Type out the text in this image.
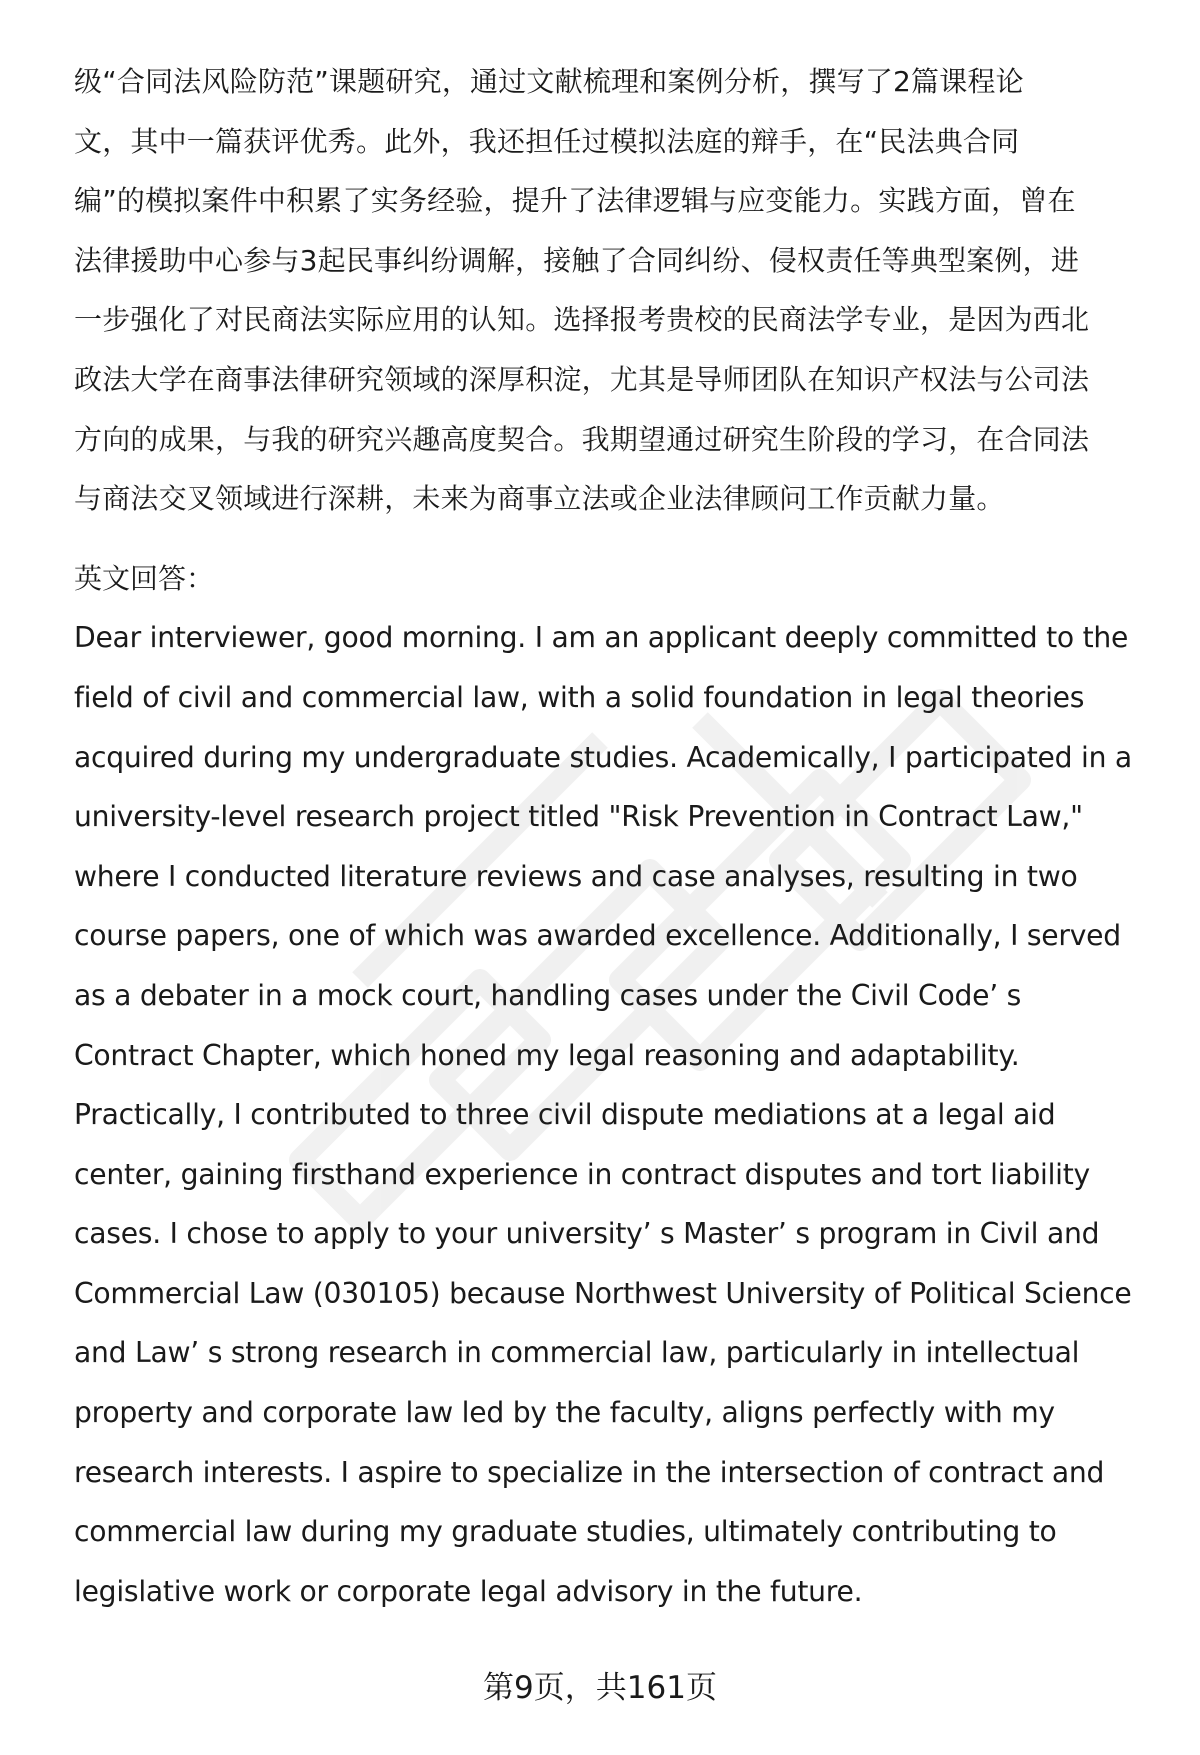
级“合同法风险防范”课题研究，通过文献梳理和案例分析，撰写了2篇课程论
文，其中一篇获评优秀。此外，我还担任过模拟法庭的辩手，在“民法典合同
编”的模拟案件中积累了实务经验，提升了法律逻辑与应变能力。实践方面，曾在
法律援助中心参与3起民事纠纷调解，接触了合同纠纷、侵权责任等典型案例，进
一步强化了对民商法实际应用的认知。选择报考贵校的民商法学专业，是因为西北
政法大学在商事法律研究领域的深厚积淀，尤其是导师团队在知识产权法与公司法
方向的成果，与我的研究兴趣高度契合。我期望通过研究生阶段的学习，在合同法
与商法交叉领域进行深耕，未来为商事立法或企业法律顾问工作贡献力量。
英文回答：
Dear interviewer, good morning. I am an applicant deeply committed to the
field of civil and commercial law, with a solid foundation in legal theories
acquired during my undergraduate studies. Academically, I participated in a
university-level research project titled "Risk Prevention in Contract Law,"
where I conducted literature reviews and case analyses, resulting in two
course papers, one of which was awarded excellence. Additionally, I served
as a debater in a mock court, handling cases under the Civil Code’ s
Contract Chapter, which honed my legal reasoning and adaptability.
Practically, I contributed to three civil dispute mediations at a legal aid
center, gaining firsthand experience in contract disputes and tort liability
cases. I chose to apply to your university’ s Master’ s program in Civil and
Commercial Law (030105) because Northwest University of Political Science
and Law’ s strong research in commercial law, particularly in intellectual
property and corporate law led by the faculty, aligns perfectly with my
research interests. I aspire to specialize in the intersection of contract and
commercial law during my graduate studies, ultimately contributing to
legislative work or corporate legal advisory in the future.
第9页，共161页
